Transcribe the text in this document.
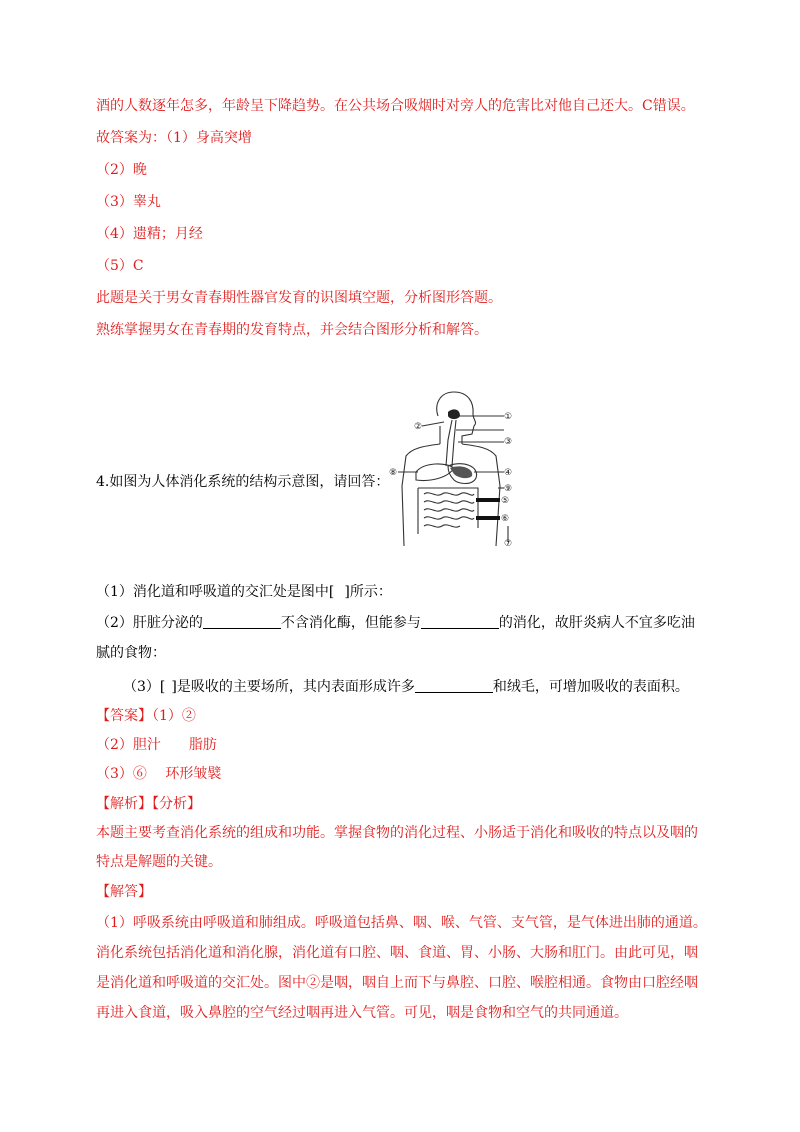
酒的人数逐年怎多，年龄呈下降趋势。在公共场合吸烟时对旁人的危害比对他自己还大。C错误。
故答案为：（1）身高突增
（2）晚
（3）睾丸
（4）遗精；月经
（5）C
此题是关于男女青春期性器官发育的识图填空题，分析图形答题。
熟练掌握男女在青春期的发育特点，并会结合图形分析和解答。
4.如图为人体消化系统的结构示意图，请回答：
①
②
③
④
⑤
⑥
⑦
⑧
⑨
（1）消化道和呼吸道的交汇处是图中[ ]所示：
（2）肝脏分泌的	不含消化酶，但能参与	的消化，故肝炎病人不宜多吃油
腻的食物：
（3）[ ]是吸收的主要场所，其内表面形成许多	和绒毛，可增加吸收的表面积。
【答案】（1）②
（2）胆汁　　脂肪
（3）⑥　 环形皱襞
【解析】【分析】
本题主要考查消化系统的组成和功能。掌握食物的消化过程、小肠适于消化和吸收的特点以及咽的
特点是解题的关键。
【解答】
（1）呼吸系统由呼吸道和肺组成。呼吸道包括鼻、咽、喉、气管、支气管，是气体进出肺的通道。
消化系统包括消化道和消化腺，消化道有口腔、咽、食道、胃、小肠、大肠和肛门。由此可见，咽
是消化道和呼吸道的交汇处。图中②是咽，咽自上而下与鼻腔、口腔、喉腔相通。食物由口腔经咽
再进入食道，吸入鼻腔的空气经过咽再进入气管。可见，咽是食物和空气的共同通道。
